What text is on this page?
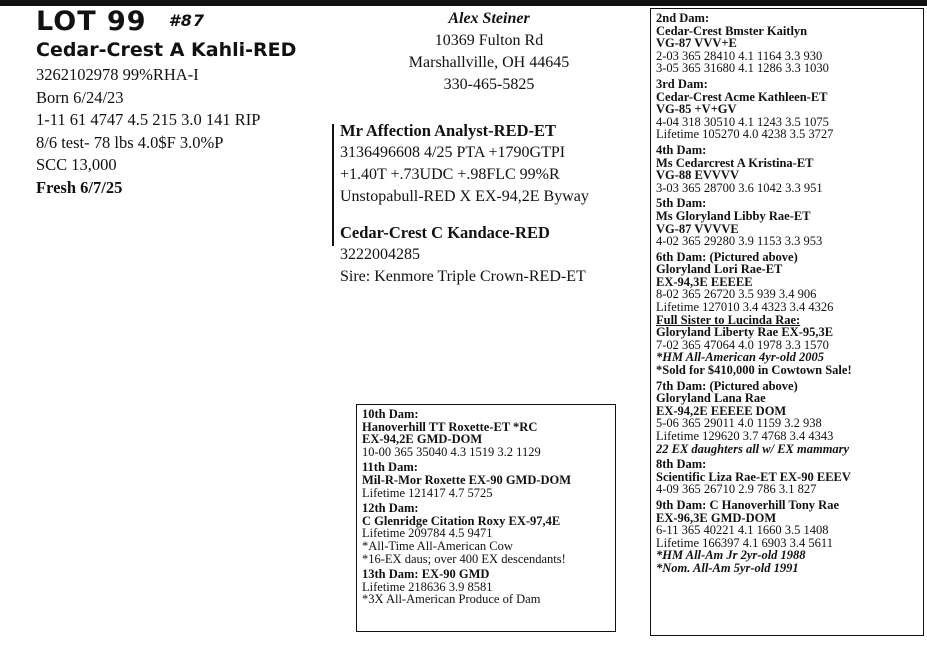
LOT 99 #87
Cedar-Crest A Kahli-RED
3262102978 99%RHA-I
Born 6/24/23
1-11 61 4747 4.5 215 3.0 141 RIP
8/6 test- 78 lbs 4.0$F 3.0%P
SCC 13,000
Fresh 6/7/25
Alex Steiner
10369 Fulton Rd
Marshallville, OH 44645
330-465-5825
Mr Affection Analyst-RED-ET
3136496608 4/25 PTA +1790GTPI
+1.40T +.73UDC +.98FLC 99%R
Unstopabull-RED X EX-94,2E Byway
Cedar-Crest C Kandace-RED
3222004285
Sire: Kenmore Triple Crown-RED-ET
2nd Dam:
Cedar-Crest Bmster Kaitlyn
VG-87 VVV+E
2-03 365 28410 4.1 1164 3.3 930
3-05 365 31680 4.1 1286 3.3 1030
3rd Dam:
Cedar-Crest Acme Kathleen-ET
VG-85 +V+GV
4-04 318 30510 4.1 1243 3.5 1075
Lifetime 105270 4.0 4238 3.5 3727
4th Dam:
Ms Cedarcrest A Kristina-ET
VG-88 EVVVV
3-03 365 28700 3.6 1042 3.3 951
5th Dam:
Ms Gloryland Libby Rae-ET
VG-87 VVVVE
4-02 365 29280 3.9 1153 3.3 953
6th Dam: (Pictured above)
Gloryland Lori Rae-ET
EX-94,3E EEEEE
8-02 365 26720 3.5 939 3.4 906
Lifetime 127010 3.4 4323 3.4 4326
Full Sister to Lucinda Rae:
Gloryland Liberty Rae EX-95,3E
7-02 365 47064 4.0 1978 3.3 1570
*HM All-American 4yr-old 2005
*Sold for $410,000 in Cowtown Sale!
7th Dam: (Pictured above)
Gloryland Lana Rae
EX-94,2E EEEEE DOM
5-06 365 29011 4.0 1159 3.2 938
Lifetime 129620 3.7 4768 3.4 4343
22 EX daughters all w/ EX mammary
8th Dam:
Scientific Liza Rae-ET EX-90 EEEV
4-09 365 26710 2.9 786 3.1 827
9th Dam: C Hanoverhill Tony Rae
EX-96,3E GMD-DOM
6-11 365 40221 4.1 1660 3.5 1408
Lifetime 166397 4.1 6903 3.4 5611
*HM All-Am Jr 2yr-old 1988
*Nom. All-Am 5yr-old 1991
10th Dam:
Hanoverhill TT Roxette-ET *RC
EX-94,2E GMD-DOM
10-00 365 35040 4.3 1519 3.2 1129
11th Dam:
Mil-R-Mor Roxette EX-90 GMD-DOM
Lifetime 121417 4.7 5725
12th Dam:
C Glenridge Citation Roxy EX-97,4E
Lifetime 209784 4.5 9471
*All-Time All-American Cow
*16-EX daus; over 400 EX descendants!
13th Dam: EX-90 GMD
Lifetime 218636 3.9 8581
*3X All-American Produce of Dam
